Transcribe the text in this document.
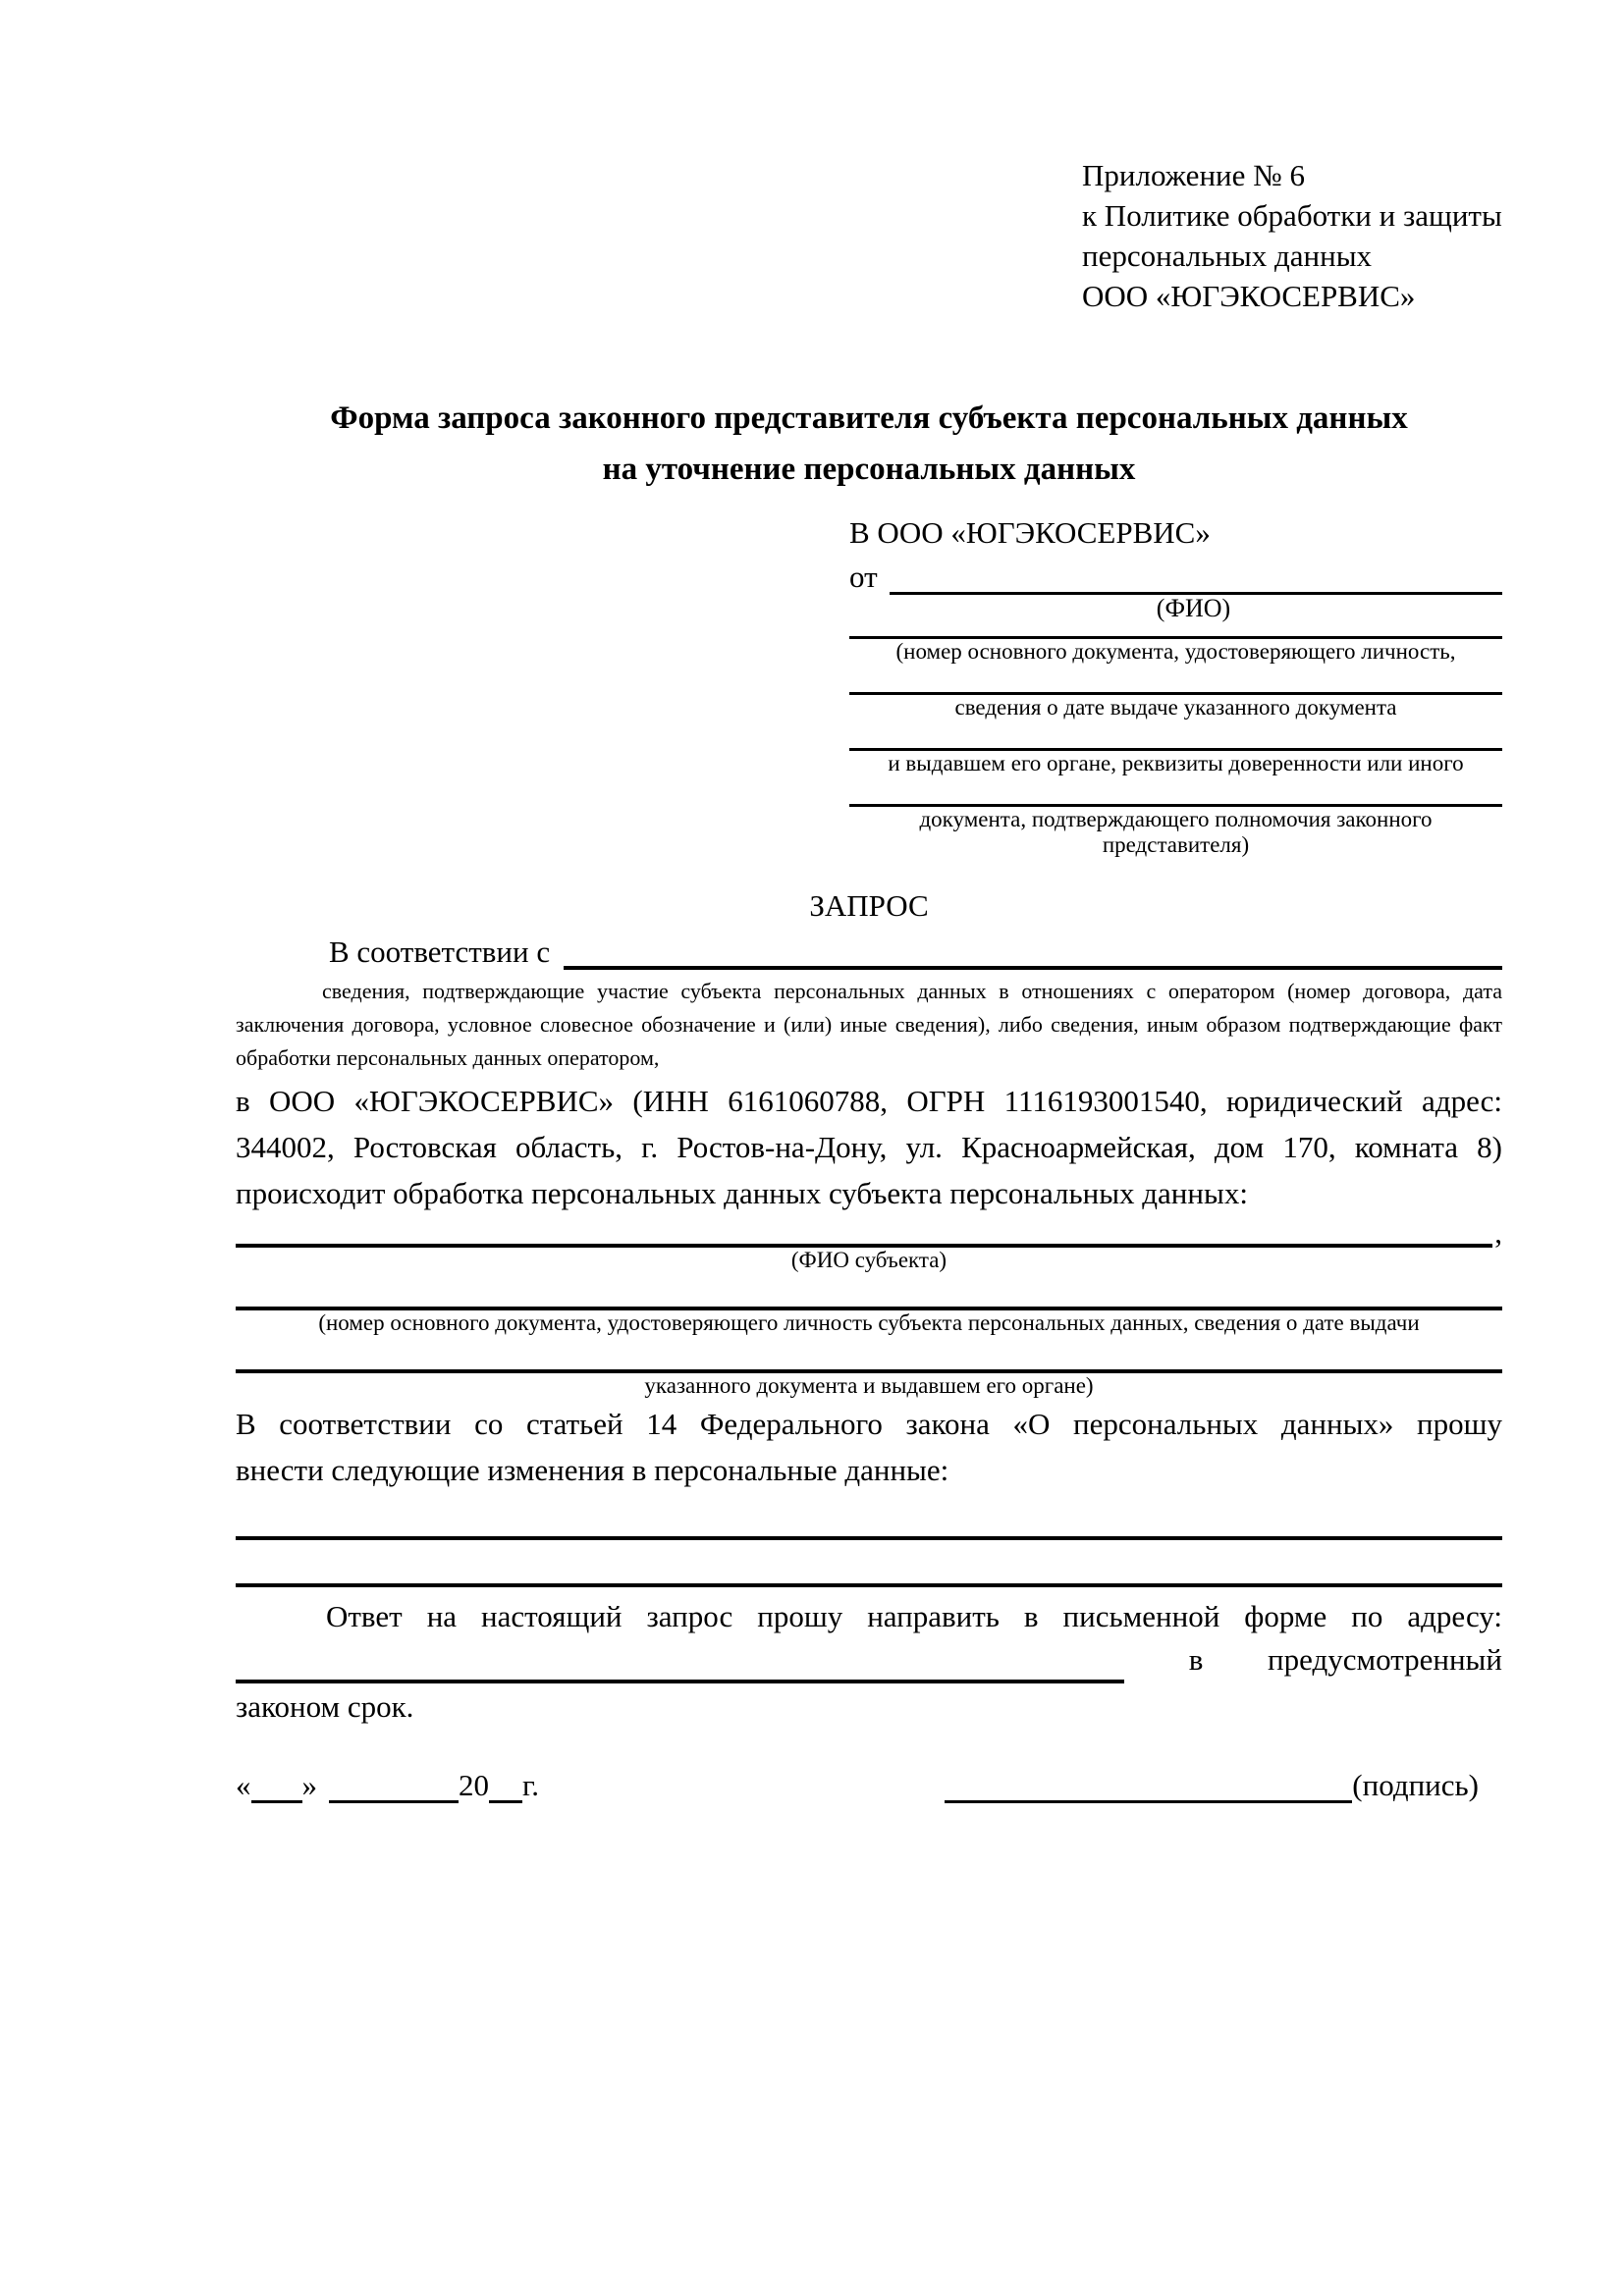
Приложение № 6
к Политике обработки и защиты
персональных данных
ООО «ЮГЭКОСЕРВИС»
Форма запроса законного представителя субъекта персональных данных
на уточнение персональных данных
В ООО «ЮГЭКОСЕРВИС»
от
(ФИО)
(номер основного документа, удостоверяющего личность,
сведения о дате выдаче указанного документа
и выдавшем его органе, реквизиты доверенности или иного
документа, подтверждающего полномочия законного представителя)
ЗАПРОС
В соответствии с
сведения, подтверждающие участие субъекта персональных данных в отношениях с оператором (номер договора, дата
заключения договора, условное словесное обозначение и (или) иные сведения), либо сведения, иным образом подтверждающие факт
обработки персональных данных оператором,
в ООО «ЮГЭКОСЕРВИС» (ИНН 6161060788, ОГРН 1116193001540, юридический адрес:
344002, Ростовская область, г. Ростов-на-Дону, ул. Красноармейская, дом 170, комната 8)
происходит обработка персональных данных субъекта персональных данных:
,
(ФИО субъекта)
(номер основного документа, удостоверяющего личность субъекта персональных данных, сведения о дате выдачи
указанного документа и выдавшем его органе)
В соответствии со статьей 14 Федерального закона «О персональных данных» прошу
внести следующие изменения в персональные данные:
Ответ на настоящий запрос прошу направить в письменной форме по адресу:
в предусмотренный
законом срок.
« »	20 г.	(подпись)
